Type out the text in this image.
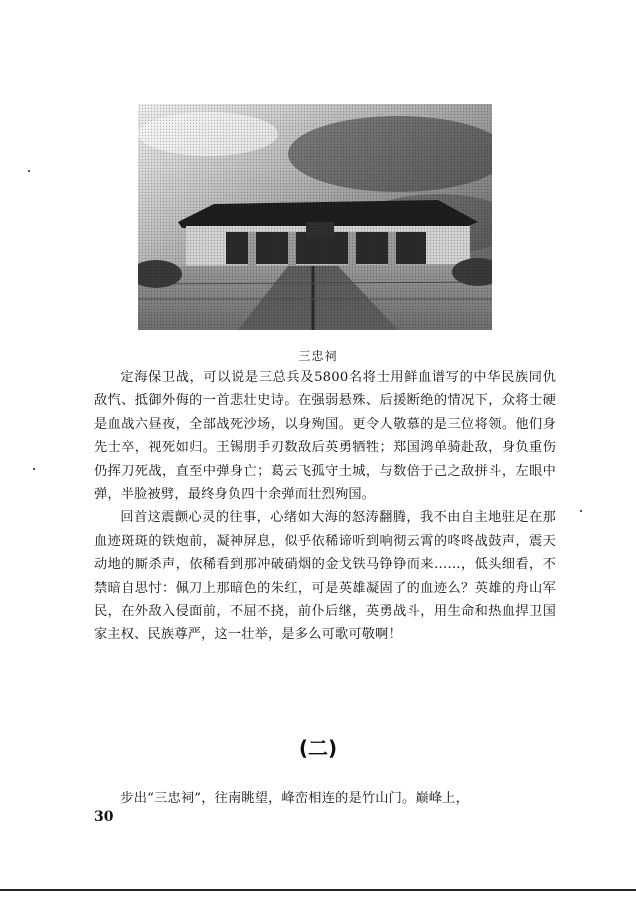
三忠祠

定海保卫战，可以说是三总兵及5800名将士用鲜血谱写的中华民族同仇敌忾、抵御外侮的一首悲壮史诗。在强弱悬殊、后援断绝的情况下，众将士硬是血战六昼夜，全部战死沙场，以身殉国。更令人敬慕的是三位将领。他们身先士卒，视死如归。王锡朋手刃数敌后英勇牺牲；郑国鸿单骑赴敌，身负重伤仍挥刀死战，直至中弹身亡；葛云飞孤守土城，与数倍于己之敌拼斗，左眼中弹，半脸被劈，最终身负四十余弹而壮烈殉国。

回首这震颤心灵的往事，心绪如大海的怒涛翻腾，我不由自主地驻足在那血迹斑斑的铁炮前，凝神屏息，似乎依稀谛听到响彻云霄的咚咚战鼓声，震天动地的厮杀声，依稀看到那冲破硝烟的金戈铁马铮铮而来……，低头细看，不禁暗自思忖：佩刀上那暗色的朱红，可是英雄凝固了的血迹么？英雄的舟山军民，在外敌入侵面前，不屈不挠，前仆后继，英勇战斗，用生命和热血捍卫国家主权、民族尊严，这一壮举，是多么可歌可敬啊！

(二)

步出“三忠祠”，往南眺望，峰峦相连的是竹山门。巅峰上，

30
